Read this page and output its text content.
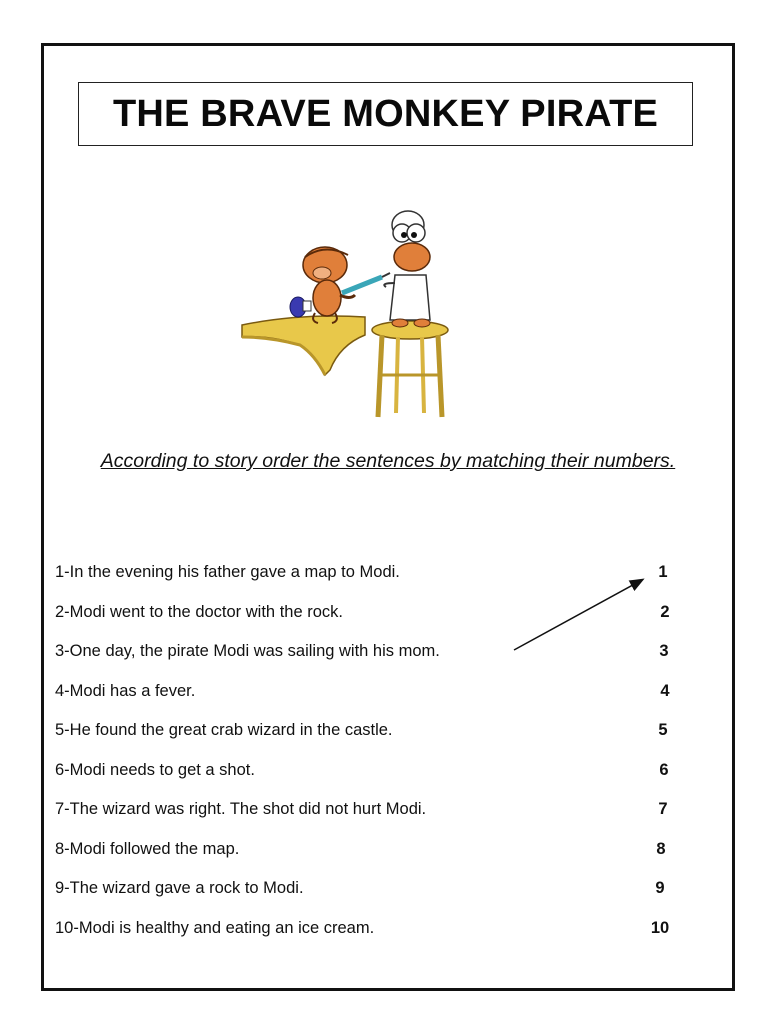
THE BRAVE MONKEY PIRATE
According to story order the sentences by matching their numbers.
1-In the evening his father gave a map to Modi.
2-Modi went to the doctor with the rock.
3-One day, the pirate Modi was sailing with his mom.
4-Modi has a fever.
5-He found the great crab wizard in the castle.
6-Modi needs to get a shot.
7-The wizard was right. The shot did not hurt Modi.
8-Modi followed the map.
9-The wizard gave a rock to Modi.
10-Modi is healthy and eating an ice cream.
1
2
3
4
5
6
7
8
9
10
